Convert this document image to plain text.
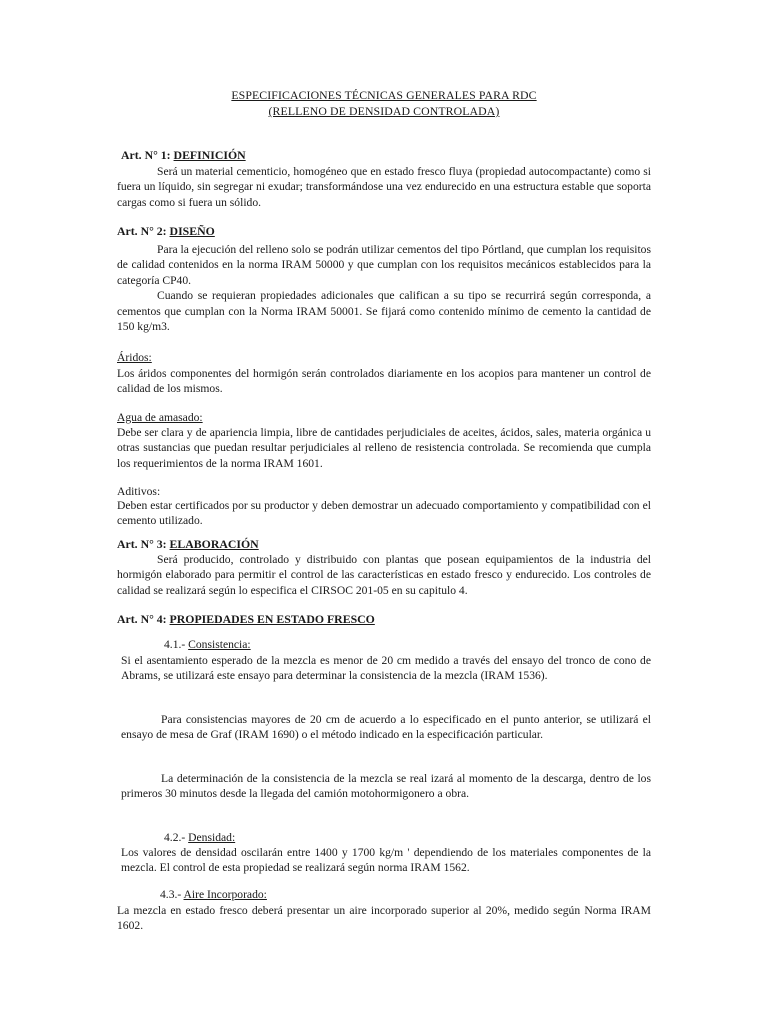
ESPECIFICACIONES TÉCNICAS GENERALES PARA RDC
(RELLENO DE DENSIDAD CONTROLADA)
Art. N° 1: DEFINICIÓN

Será un material cementicio, homogéneo que en estado fresco fluya (propiedad autocompactante) como si fuera un líquido, sin segregar ni exudar; transformándose una vez endurecido en una estructura estable que soporta cargas como si fuera un sólido.

Art. N° 2: DISEÑO

Para la ejecución del relleno solo se podrán utilizar cementos del tipo Pórtland, que cumplan los requisitos de calidad contenidos en la norma IRAM 50000 y que cumplan con los requisitos mecánicos establecidos para la categoría CP40.

Cuando se requieran propiedades adicionales que califican a su tipo se recurrirá según corresponda, a cementos que cumplan con la Norma IRAM 50001. Se fijará como contenido mínimo de cemento la cantidad de 150 kg/m3.

Áridos:

Los áridos componentes del hormigón serán controlados diariamente en los acopios para mantener un control de calidad de los mismos.

Agua de amasado:

Debe ser clara y de apariencia limpia, libre de cantidades perjudiciales de aceites, ácidos, sales, materia orgánica u otras sustancias que puedan resultar perjudiciales al relleno de resistencia controlada. Se recomienda que cumpla los requerimientos de la norma IRAM 1601.

Aditivos:

Deben estar certificados por su productor y deben demostrar un adecuado comportamiento y compatibilidad con el cemento utilizado.

Art. N° 3: ELABORACIÓN

Será producido, controlado y distribuido con plantas que posean equipamientos de la industria del hormigón elaborado para permitir el control de las características en estado fresco y endurecido. Los controles de calidad se realizará según lo especifica el CIRSOC 201-05 en su capitulo 4.

Art. N° 4: PROPIEDADES EN ESTADO FRESCO
4.1.- Consistencia:

Si el asentamiento esperado de la mezcla es menor de 20 cm medido a través del ensayo del tronco de cono de Abrams, se utilizará este ensayo para determinar la consistencia de la mezcla (IRAM 1536).

Para consistencias mayores de 20 cm de acuerdo a lo especificado en el punto anterior, se utilizará el ensayo de mesa de Graf (IRAM 1690) o el método indicado en la especificación particular.

La determinación de la consistencia de la mezcla se real izará al momento de la descarga, dentro de los primeros 30 minutos desde la llegada del camión motohormigonero a obra.

4.2.- Densidad:

Los valores de densidad oscilarán entre 1400 y 1700 kg/m ' dependiendo de los materiales componentes de la mezcla. El control de esta propiedad se realizará según norma IRAM 1562.

4.3.- Aire Incorporado:

La mezcla en estado fresco deberá presentar un aire incorporado superior al 20%, medido según Norma IRAM 1602.
